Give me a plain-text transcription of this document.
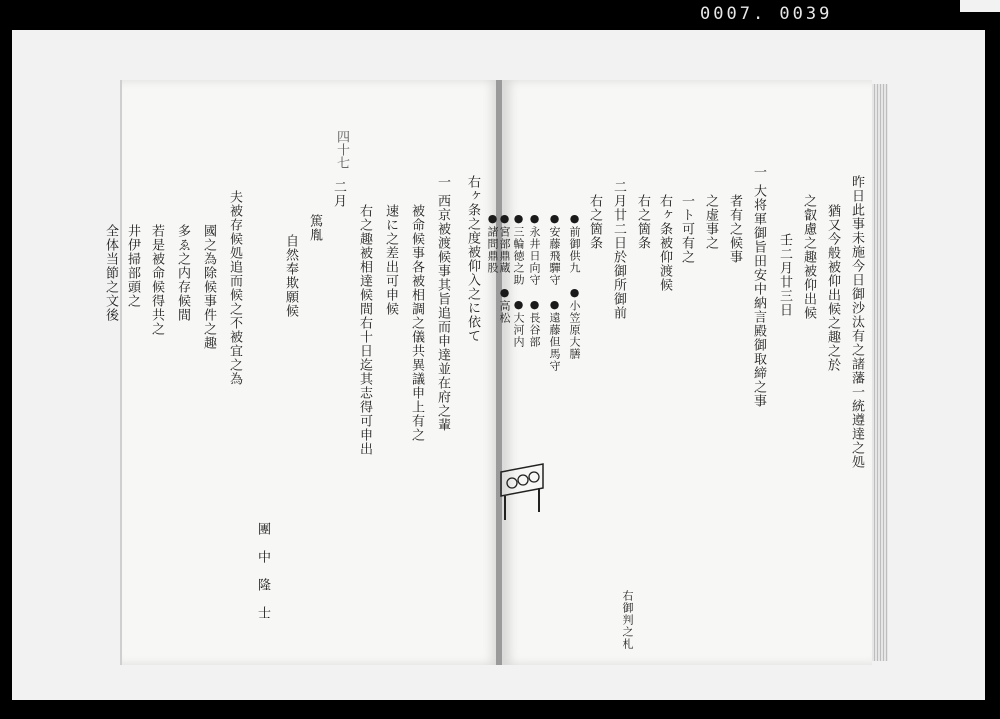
0007. 0039
四十七
右ヶ条之度被仰入之に依て
一 西京被渡候事其旨追而申達並在府之輩
　被命候事各被相調之儀共異議申上有之
　速に之差出可申候
　右之趣被相達候間右十日迄其志得可申出
二月
　篤胤
　自然奉欺願候
　　　　　　　　　　　　　團　中　隆　士
夫被存候処追而候之不被宜之為
　國之為除候事件之趣
　多ゑ之内存候間
　若是被命候得共之
　井伊掃部頭之
　全体当節之文後	昨日此事未施今日御沙汰有之諸藩一統遵達之処
　猶又今般被仰出候之趣之於
　之叡慮之趣被仰出候
　　壬二月廿三日
一 大将軍御旨田安中納言殿御取締之事
　者有之候事
　之虚事之
　一ト可有之
　右ヶ条被仰渡候
　右之箇条
二月廿二日於御所御前
　右之箇条
　●前御供九　●小笠原大膳
　●安藤飛驒守　●遠藤但馬守
　●永井日向守　●長谷部
　●三輪徳之助　●大河内
　●宮部鼎蔵　●高松
　●諸問鼎股
右御判之札
